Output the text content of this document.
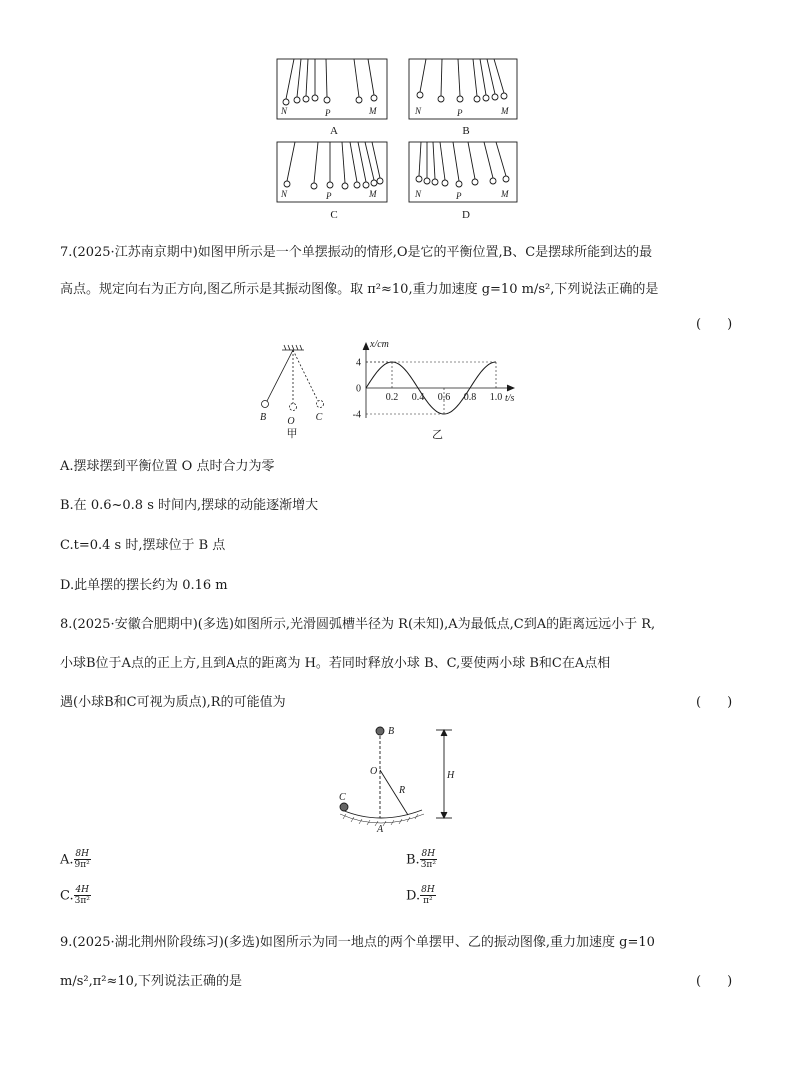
N	P	M	N	P	M
N	P	M	N	P	M
A	B
C	D
7.(2025·江苏南京期中)如图甲所示是一个单摆振动的情形,O是它的平衡位置,B、C是摆球所能到达的最
高点。规定向右为正方向,图乙所示是其振动图像。取 π²≈10,重力加速度 g=10 m/s²,下列说法正确的是
(　　)
B O C
甲
4
0
-4
0.2 0.4 0.6 0.8 1.0
x/cm
t/s
乙
A.摆球摆到平衡位置 O 点时合力为零
B.在 0.6~0.8 s 时间内,摆球的动能逐渐增大
C.t=0.4 s 时,摆球位于 B 点
D.此单摆的摆长约为 0.16 m
8.(2025·安徽合肥期中)(多选)如图所示,光滑圆弧槽半径为 R(未知),A为最低点,C到A的距离远远小于 R,
小球B位于A点的正上方,且到A点的距离为 H。若同时释放小球 B、C,要使两小球 B和C在A点相
遇(小球B和C可视为质点),R的可能值为	(　　)
B
O
R
H
C
A
A. $\frac{8H}{\text{9π²}}$	B. $\frac{8H}{\text{3π²}}$
C. $\frac{4H}{\text{3π²}}$	D. $\frac{8H}{\text{π²}}$
9.(2025·湖北荆州阶段练习)(多选)如图所示为同一地点的两个单摆甲、乙的振动图像,重力加速度 g=10
m/s²,π²≈10,下列说法正确的是	(　　)
